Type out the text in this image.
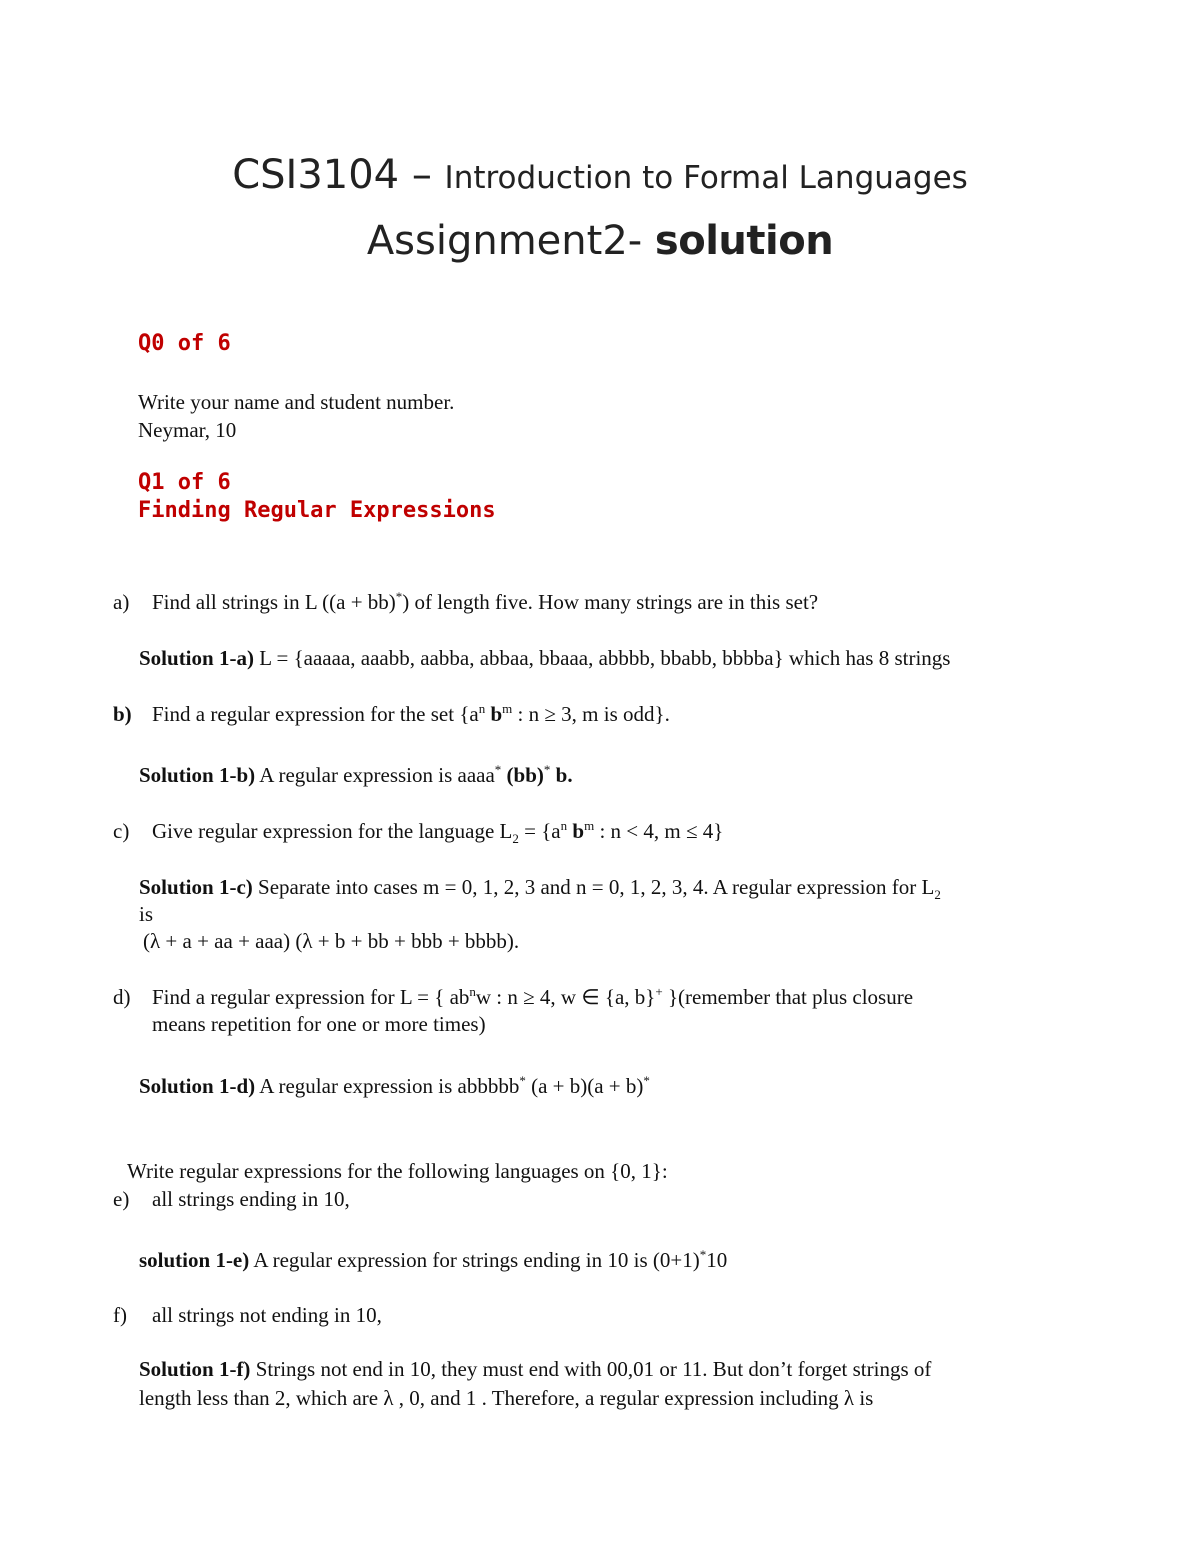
CSI3104 – Introduction to Formal Languages
Assignment2- solution
Q0 of 6
Write your name and student number.
Neymar, 10
Q1 of 6
Finding Regular Expressions
a) Find all strings in L ((a + bb)*) of length five. How many strings are in this set?
Solution 1-a) L = {aaaaa, aaabb, aabba, abbaa, bbaaa, abbbb, bbabb, bbbba} which has 8 strings
b) Find a regular expression for the set {$a^n$ $b^m$ : n ≥ 3, m is odd}.
Solution 1-b) A regular expression is aaaa* (bb)* b.
c) Give regular expression for the language $L_2 = \{a^n$ $b^m$ : n < 4, m ≤ 4}
Solution 1-c) Separate into cases m = 0, 1, 2, 3 and n = 0, 1, 2, 3, 4. A regular expression for $L_2$
is
(λ + a + aa + aaa) (λ + b + bb + bbb + bbbb).
d) Find a regular expression for L = { $ab^nw$ : n ≥ 4, w ∈ {a, b}+ }(remember that plus closure
means repetition for one or more times)
Solution 1-d) A regular expression is abbbbb* (a + b)(a + b)*
Write regular expressions for the following languages on {0, 1}:
e) all strings ending in 10,
solution 1-e) A regular expression for strings ending in 10 is (0+1)*10
f) all strings not ending in 10,
Solution 1-f) Strings not end in 10, they must end with 00,01 or 11. But don’t forget strings of
length less than 2, which are λ , 0, and 1 . Therefore, a regular expression including λ is
